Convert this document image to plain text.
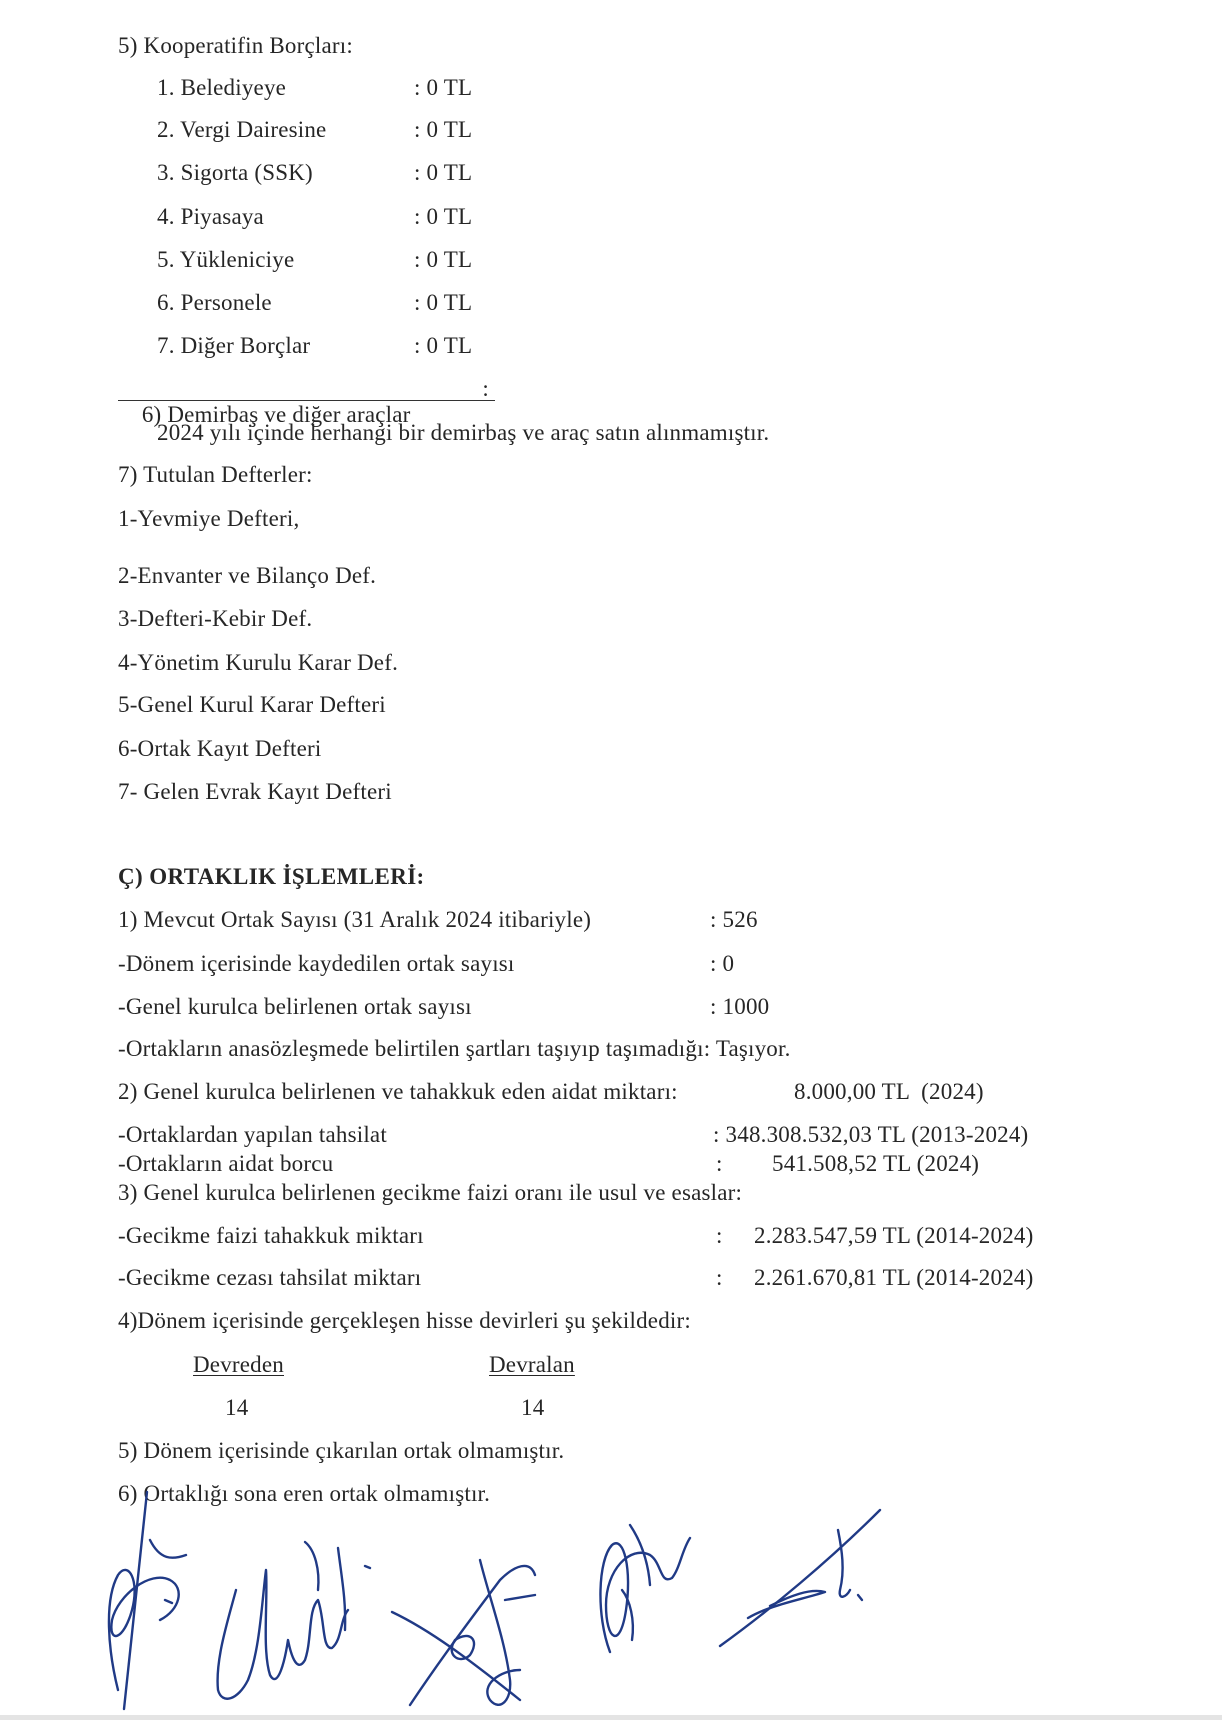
5) Kooperatifin Borçları:
1. Belediyeye	: 0 TL
2. Vergi Dairesine	: 0 TL
3. Sigorta (SSK)	: 0 TL
4. Piyasaya	: 0 TL
5. Yükleniciye	: 0 TL
6. Personele	: 0 TL
7. Diğer Borçlar	: 0 TL

6) Demirbaş ve diğer araçlar

:

2024 yılı içinde herhangi bir demirbaş ve araç satın alınmamıştır.
7) Tutulan Defterler:
1-Yevmiye Defteri,
2-Envanter ve Bilanço Def.
3-Defteri-Kebir Def.
4-Yönetim Kurulu Karar Def.
5-Genel Kurul Karar Defteri
6-Ortak Kayıt Defteri
7- Gelen Evrak Kayıt Defteri
Ç) ORTAKLIK İŞLEMLERİ:
1) Mevcut Ortak Sayısı (31 Aralık 2024 itibariyle)	: 526
-Dönem içerisinde kaydedilen ortak sayısı	: 0
-Genel kurulca belirlenen ortak sayısı	: 1000
-Ortakların anasözleşmede belirtilen şartları taşıyıp taşımadığı: Taşıyor.
2) Genel kurulca belirlenen ve tahakkuk eden aidat miktarı:	8.000,00 TL  (2024)
-Ortaklardan yapılan tahsilat	: 348.308.532,03 TL (2013-2024)
-Ortakların aidat borcu	: 541.508,52 TL (2024)
3) Genel kurulca belirlenen gecikme faizi oranı ile usul ve esaslar:
-Gecikme faizi tahakkuk miktarı	: 2.283.547,59 TL (2014-2024)
-Gecikme cezası tahsilat miktarı	: 2.261.670,81 TL (2014-2024)
4)Dönem içerisinde gerçekleşen hisse devirleri şu şekildedir:
Devreden	Devralan
14	14
5) Dönem içerisinde çıkarılan ortak olmamıştır.
6) Ortaklığı sona eren ortak olmamıştır.
